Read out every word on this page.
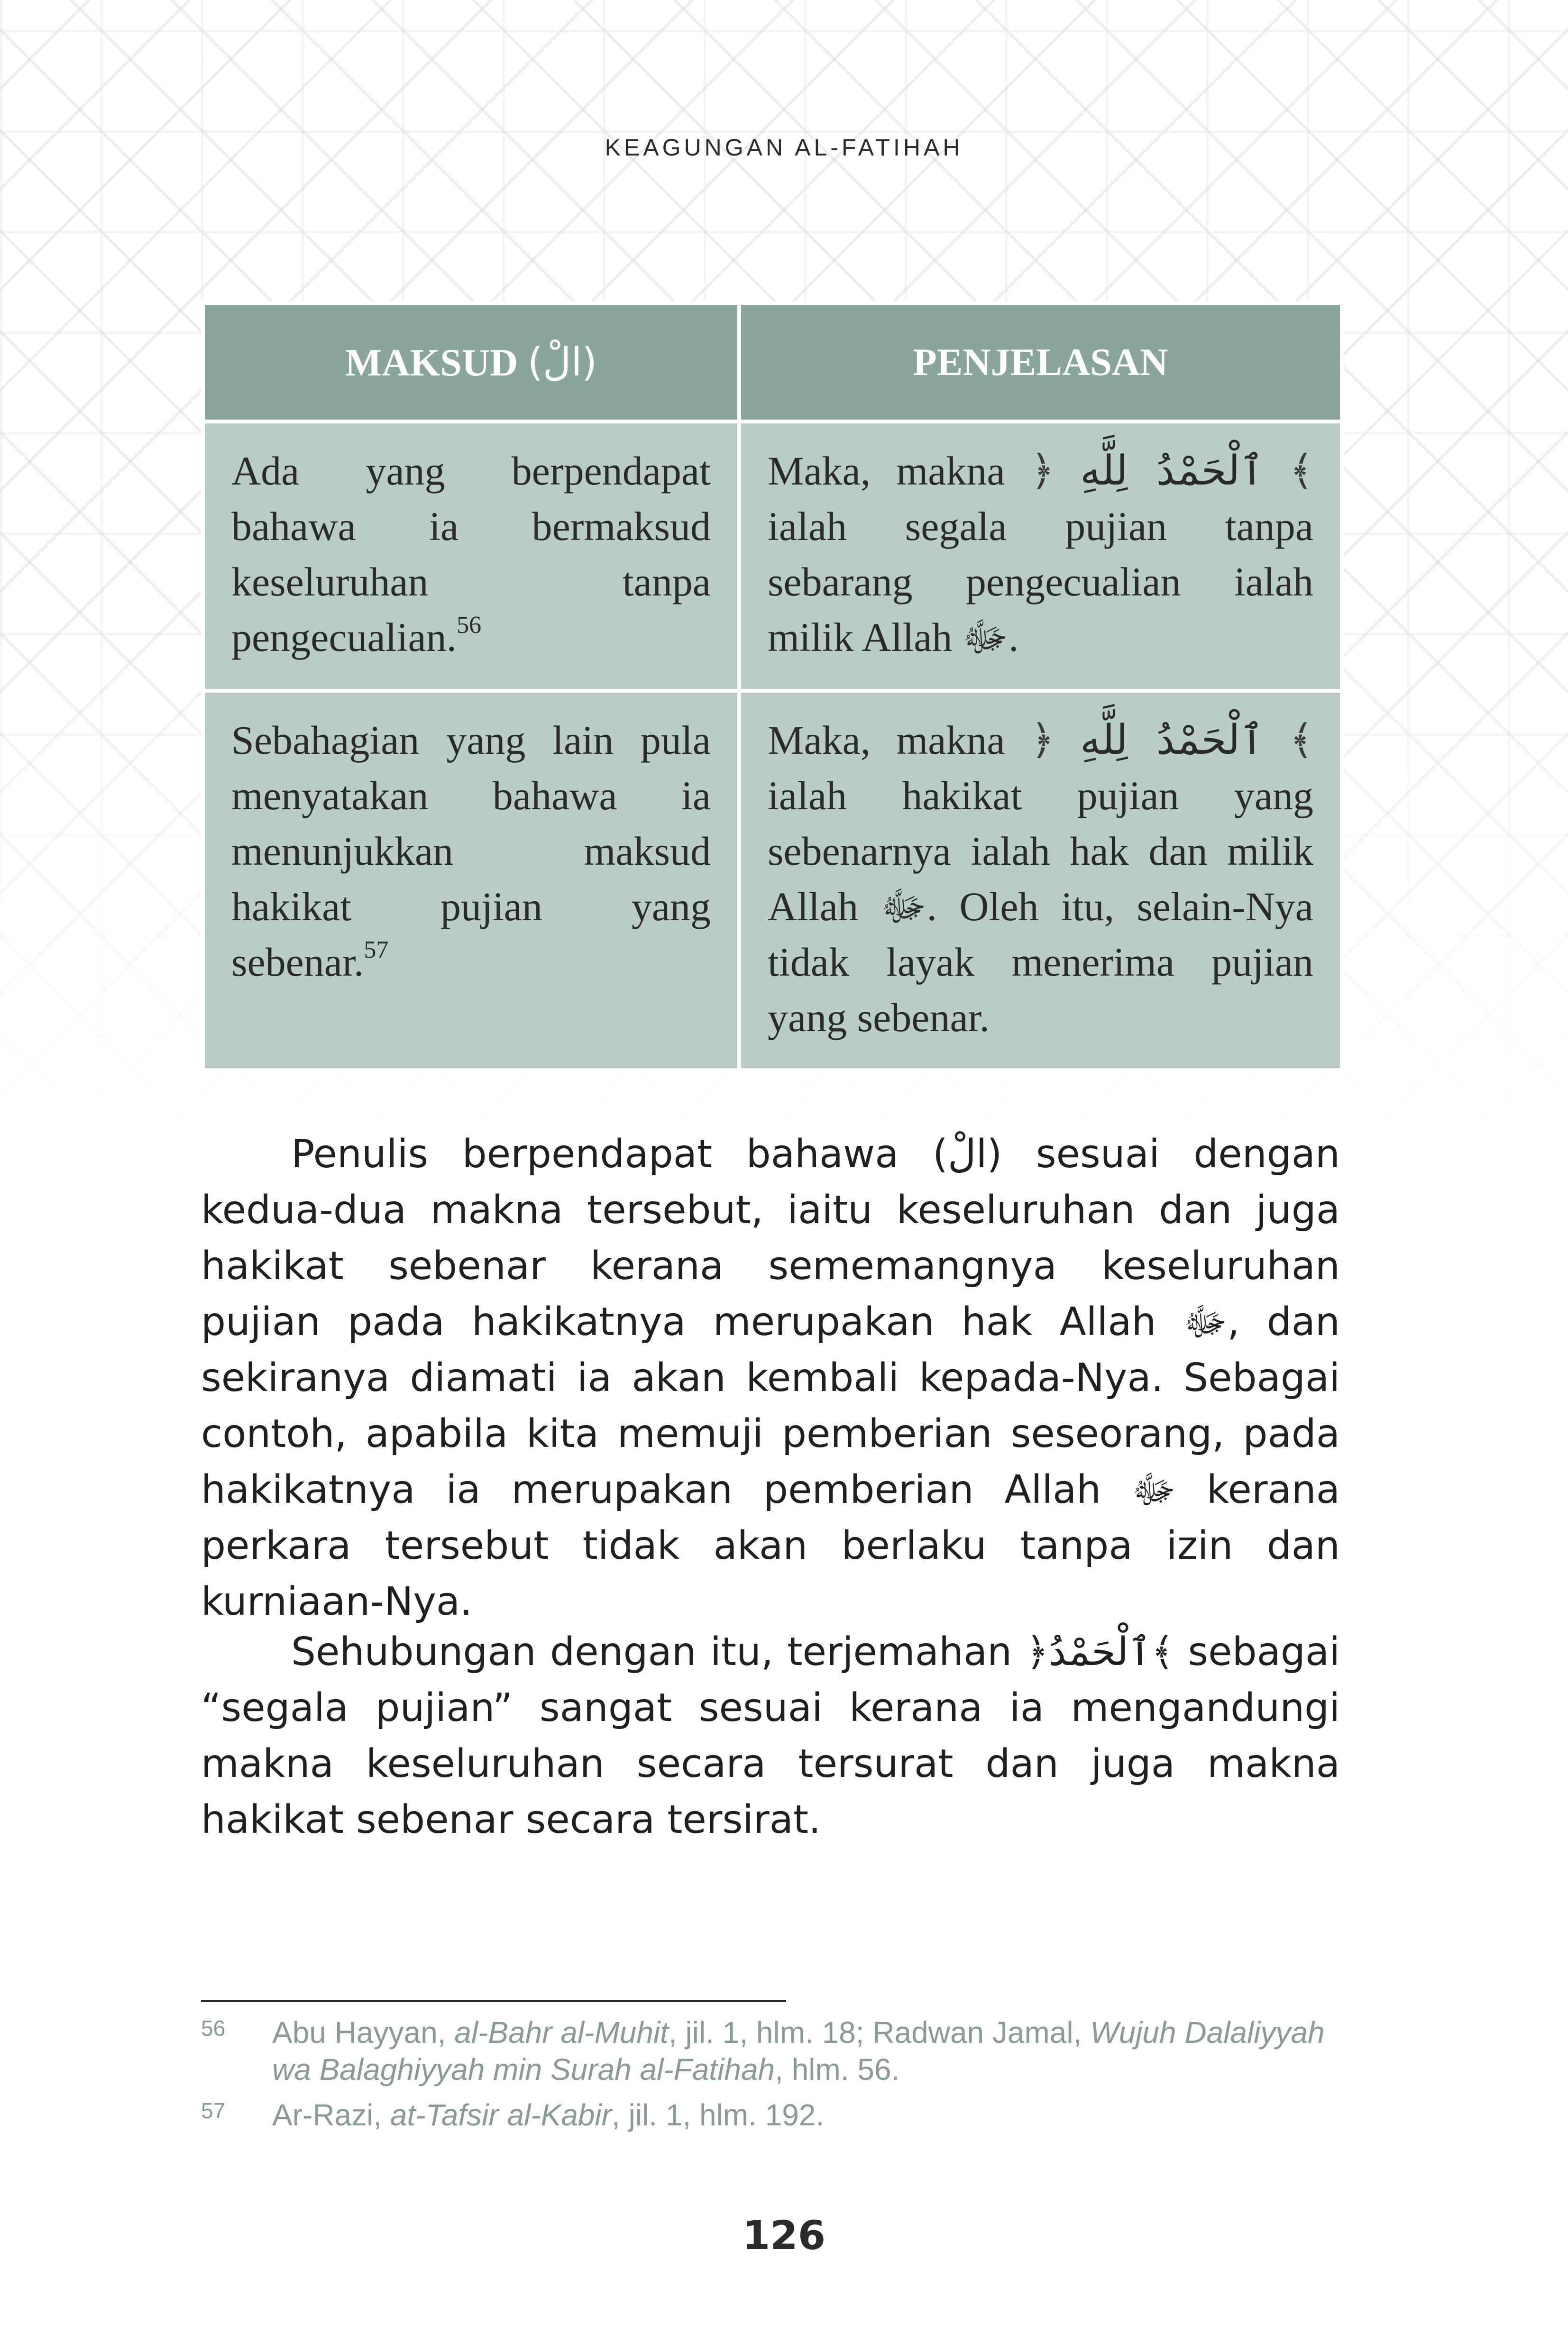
KEAGUNGAN AL-FATIHAH
MAKSUD (الْ)	PENJELASAN
Ada yang berpendapat bahawa ia bermaksud keseluruhan tanpa pengecualian.$^{56}$	Maka, makna ﴿ ٱلْحَمْدُ لِلَّهِ ﴾ ialah segala pujian tanpa sebarang pengecualian ialah milik Allah ﷻ.
Sebahagian yang lain pula menyatakan bahawa ia menunjukkan maksud hakikat pujian yang sebenar.$^{57}$	Maka, makna ﴿ ٱلْحَمْدُ لِلَّهِ ﴾ ialah hakikat pujian yang sebenarnya ialah hak dan milik Allah ﷻ. Oleh itu, selain-Nya tidak layak menerima pujian yang sebenar.

Penulis berpendapat bahawa (الْ) sesuai dengan kedua-dua makna tersebut, iaitu keseluruhan dan juga hakikat sebenar kerana sememangnya keseluruhan pujian pada hakikatnya merupakan hak Allah ﷻ, dan sekiranya diamati ia akan kembali kepada-Nya. Sebagai contoh, apabila kita memuji pemberian seseorang, pada hakikatnya ia merupakan pemberian Allah ﷻ kerana perkara tersebut tidak akan berlaku tanpa izin dan kurniaan-Nya.

Sehubungan dengan itu, terjemahan ﴿ٱلْحَمْدُ﴾ sebagai “segala pujian” sangat sesuai kerana ia mengandungi makna keseluruhan secara tersurat dan juga makna hakikat sebenar secara tersirat.

56	Abu Hayyan, al-Bahr al-Muhit, jil. 1, hlm. 18; Radwan Jamal, Wujuh Dalaliyyah wa Balaghiyyah min Surah al-Fatihah, hlm. 56.
57	Ar-Razi, at-Tafsir al-Kabir, jil. 1, hlm. 192.
126
